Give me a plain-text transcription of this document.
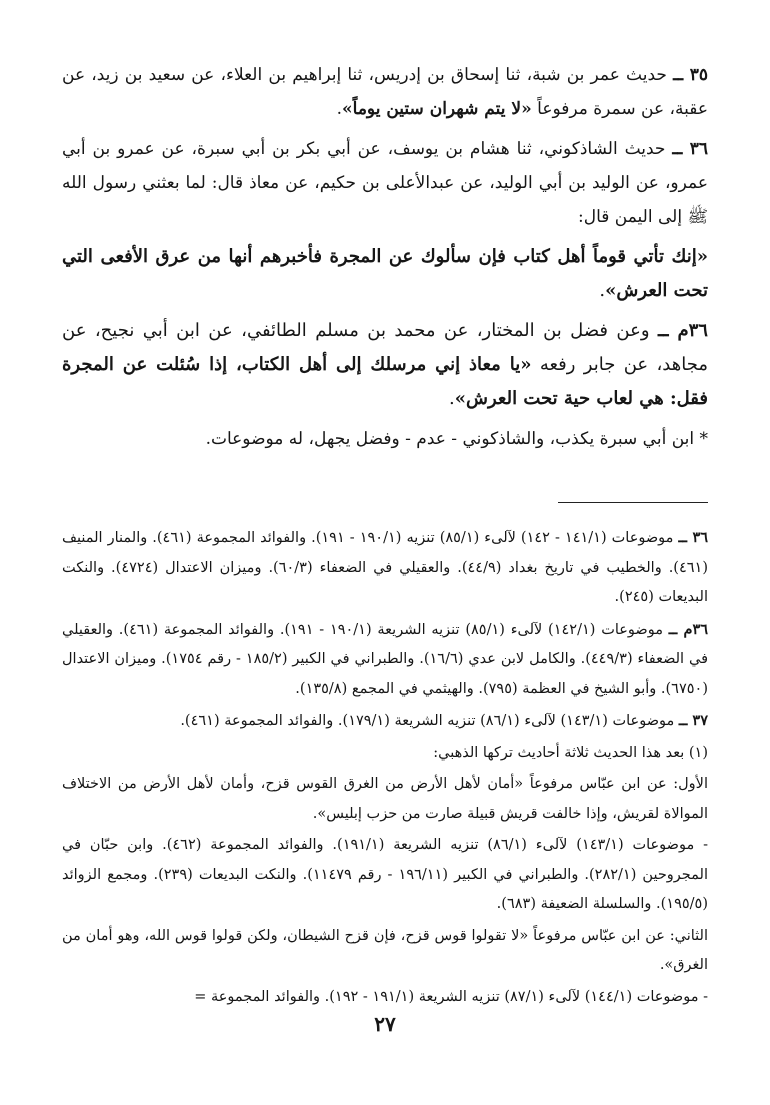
٣٥ ــ حديث عمر بن شبة، ثنا إسحاق بن إدريس، ثنا إبراهيم بن العلاء، عن سعيد بن زيد، عن عقبة، عن سمرة مرفوعاً «لا يتم شهران ستين يوماً».

٣٦ ــ حديث الشاذكوني، ثنا هشام بن يوسف، عن أبي بكر بن أبي سبرة، عن عمرو بن أبي عمرو، عن الوليد بن أبي الوليد، عن عبدالأعلى بن حكيم، عن معاذ قال: لما بعثني رسول الله ﷺ إلى اليمن قال:

«إنك تأتي قوماً أهل كتاب فإن سألوك عن المجرة فأخبرهم أنها من عرق الأفعى التي تحت العرش».

٣٦م ــ وعن فضل بن المختار، عن محمد بن مسلم الطائفي، عن ابن أبي نجيح، عن مجاهد، عن جابر رفعه «يا معاذ إني مرسلك إلى أهل الكتاب، إذا سُئلت عن المجرة فقل: هي لعاب حية تحت العرش».

* ابن أبي سبرة يكذب، والشاذكوني - عدم - وفضل يجهل، له موضوعات.

٣٦ ــ موضوعات (١٤١/١ - ١٤٢) لآلىء (٨٥/١) تنزيه (١٩٠/١ - ١٩١). والفوائد المجموعة (٤٦١). والمنار المنيف (٤٦١). والخطيب في تاريخ بغداد (٤٤/٩). والعقيلي في الضعفاء (٦٠/٣). وميزان الاعتدال (٤٧٢٤). والنكت البديعات (٢٤٥).

٣٦م ــ موضوعات (١٤٢/١) لآلىء (٨٥/١) تنزيه الشريعة (١٩٠/١ - ١٩١). والفوائد المجموعة (٤٦١). والعقيلي في الضعفاء (٤٤٩/٣). والكامل لابن عدي (١٦/٦). والطبراني في الكبير (١٨٥/٢ - رقم ١٧٥٤). وميزان الاعتدال (٦٧٥٠). وأبو الشيخ في العظمة (٧٩٥). والهيثمي في المجمع (١٣٥/٨).

٣٧ ــ موضوعات (١٤٣/١) لآلىء (٨٦/١) تنزيه الشريعة (١٧٩/١). والفوائد المجموعة (٤٦١).

(١) بعد هذا الحديث ثلاثة أحاديث تركها الذهبي:

الأول: عن ابن عبّاس مرفوعاً «أمان لأهل الأرض من الغرق القوس قزح، وأمان لأهل الأرض من الاختلاف الموالاة لقريش، وإذا خالفت قريش قبيلة صارت من حزب إبليس».

- موضوعات (١٤٣/١) لآلىء (٨٦/١) تنزيه الشريعة (١٩١/١). والفوائد المجموعة (٤٦٢). وابن حبّان في المجروحين (٢٨٢/١). والطبراني في الكبير (١٩٦/١١ - رقم ١١٤٧٩). والنكت البديعات (٢٣٩). ومجمع الزوائد (١٩٥/٥). والسلسلة الضعيفة (٦٨٣).

الثاني: عن ابن عبّاس مرفوعاً «لا تقولوا قوس قزح، فإن قزح الشيطان، ولكن قولوا قوس الله، وهو أمان من الغرق».

- موضوعات (١٤٤/١) لآلىء (٨٧/١) تنزيه الشريعة (١٩١/١ - ١٩٢). والفوائد المجموعة =

٢٧
